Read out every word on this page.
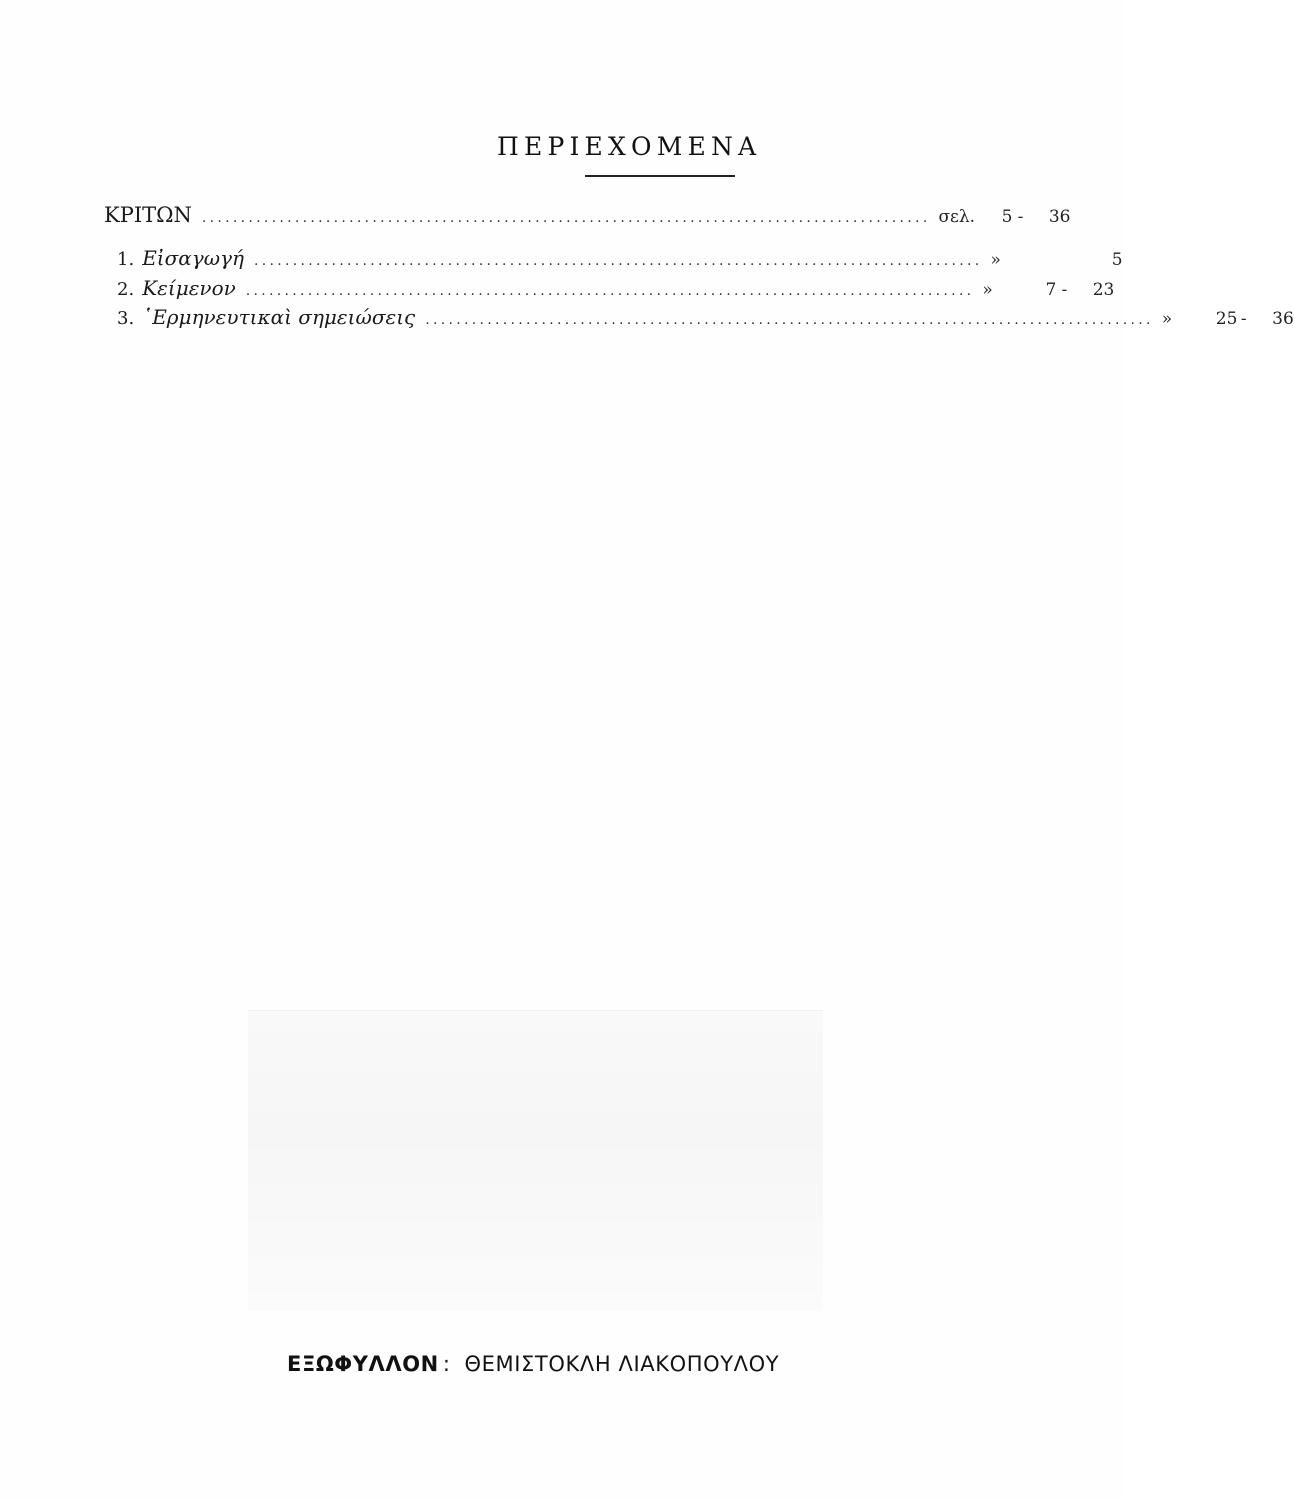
ΠΕΡΙΕΧΟΜΕΝΑ
ΚΡΙΤΩΝ .............................................................................................. σελ. 5 - 36
1. Εἰσαγωγή .............................................................................................. »	5
2. Κείμενον .............................................................................................. »	7 - 23
3. ῾Ερμηνευτικαὶ σημειώσεις .............................................................................................. »	25 - 36
ΕΞΩΦΥΛΛΟΝ : ΘΕΜΙΣΤΟΚΛΗ ΛΙΑΚΟΠΟΥΛΟΥ
